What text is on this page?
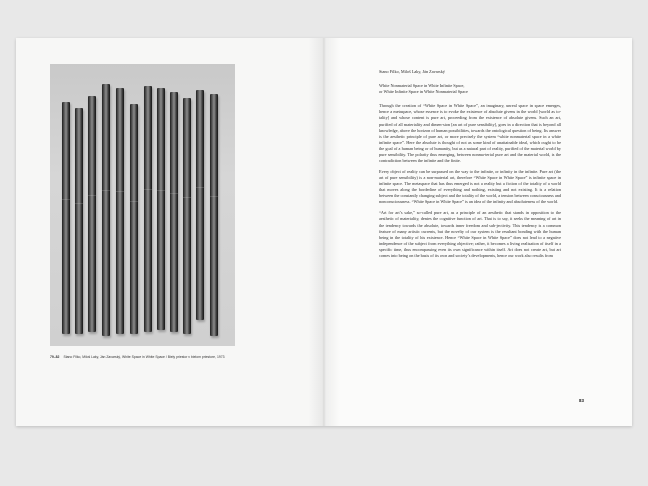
79–82 Stano Filko, Miloš Laky, Ján Zavarský, White Space in White Space / Biely priestor v bielom priestore, 1973

Stano Filko, Miloš Laky, Ján Zavarský

White Nonmaterial Space in White Infinite Space,
or White Infinite Space in White Nonmaterial Space

Through the creation of “White Space in White Space”, an imaginary, unreal space in space emerges, hence a metaspace, whose essence is to evoke the existence of absolute givens in the world [world as to-tality] and whose content is pure art, proceeding from the existence of absolute givens. Such an art, purified of all materiality and dimen-sion [an art of pure sensibility], goes in a direction that is beyond all knowledge, above the horizon of human possibilities, towards the ontological question of being. Its answer is the aesthetic principle of pure art, or more precisely the system “white nonmaterial space in a white infinite space”. Here the absolute is thought of not as some kind of unattainable ideal, which ought to be the goal of a human being or of humanity, but as a natural part of reality, purified of the material world by pure sensibility. The polarity thus emerging, between nonma-terial pure art and the material world, is the contradiction between the infinite and the finite.

Every object of reality can be surpassed on the way to the infinite, or infinity in the infinite. Pure art (the art of pure sensibility) is a non-material art, therefore “White Space in White Space” is infinite space in infinite space. The metaspace that has thus emerged is not a reality but a fiction of the totality of a world that moves along the borderline of everything and nothing, existing and not existing. It is a relation between the constantly changing subject and the totality of the world, a tension between consciousness and nonconsciousness. “White Space in White Space” is an idea of the infinity and absoluteness of the world.

“Art for art’s sake,” so-called pure art, as a principle of an aesthetic that stands in opposition to the aesthetic of materiality, denies the cognitive function of art. That is to say, it seeks the meaning of art in the tendency towards the absolute, towards inner freedom and sub-jectivity. This tendency is a common feature of many artistic currents, but the novelty of our system is the resultant bonding with the human being in the totality of his existence. Hence “White Space in White Space” does not lead to a negative independence of the subject from everything objective; rather, it becomes a living realisation of itself in a specific time, thus encompassing even its own significance within itself. Art does not create art, but art comes into being on the basis of its own and society’s developments, hence our work also results from

83
